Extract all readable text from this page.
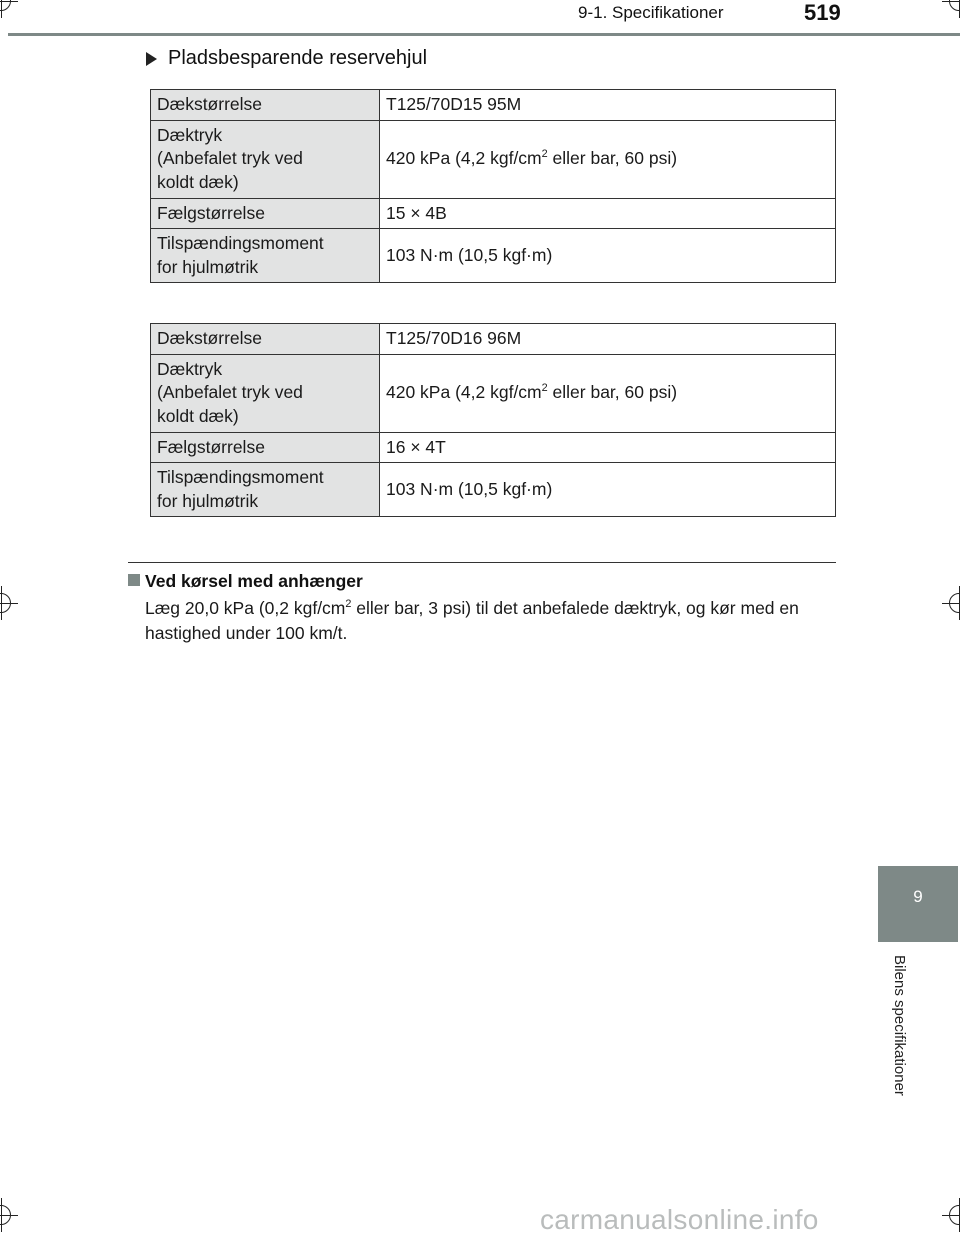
9-1. Specifikationer	519
Pladsbesparende reservehjul
Dækstørrelse	T125/70D15 95M
Dæktryk
(Anbefalet tryk ved
koldt dæk)	420 kPa (4,2 kgf/$cm^2$ eller bar, 60 psi)
Fælgstørrelse	15 × 4B
Tilspændingsmoment
for hjulmøtrik	103 N·m (10,5 kgf·m)
Dækstørrelse	T125/70D16 96M
Dæktryk
(Anbefalet tryk ved
koldt dæk)	420 kPa (4,2 kgf/$cm^2$ eller bar, 60 psi)
Fælgstørrelse	16 × 4T
Tilspændingsmoment
for hjulmøtrik	103 N·m (10,5 kgf·m)
Ved kørsel med anhænger
Læg 20,0 kPa (0,2 kgf/$cm^2$ eller bar, 3 psi) til det anbefalede dæktryk, og kør med en hastighed under 100 km/t.
9
Bilens specifikationer
carmanualsonline.info
